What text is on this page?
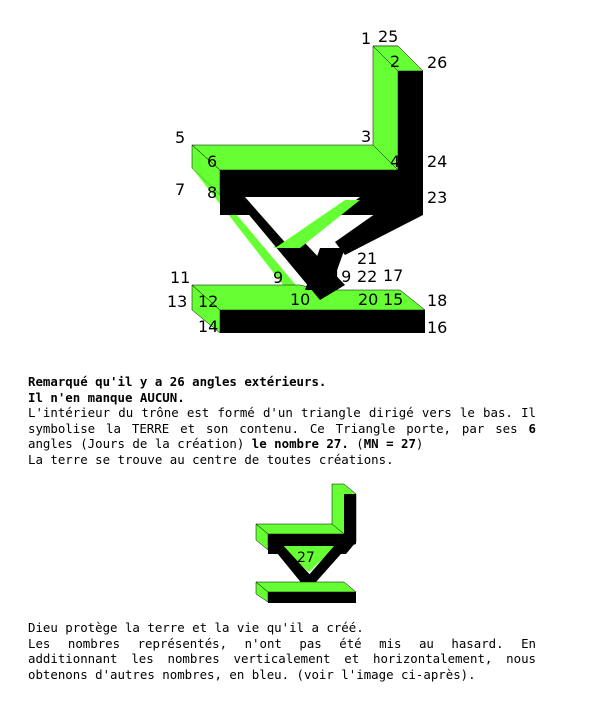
1 25
2 26
3
4 24
5
6
7 8	23
21
11	9	19 22 17
13 12	10	20 15 18
14	16
Remarqué qu'il y a 26 angles extérieurs.
Il n'en manque AUCUN.
L'intérieur du trône est formé d'un triangle dirigé vers le bas. Il symbolise la TERRE et son contenu. Ce Triangle porte, par ses 6 angles (Jours de la création) le nombre 27. (MN = 27)
La terre se trouve au centre de toutes créations.
27
Dieu protège la terre et la vie qu'il a créé.
Les nombres représentés, n'ont pas été mis au hasard. En additionnant les nombres verticalement et horizontalement, nous obtenons d'autres nombres, en bleu. (voir l'image ci-après).
